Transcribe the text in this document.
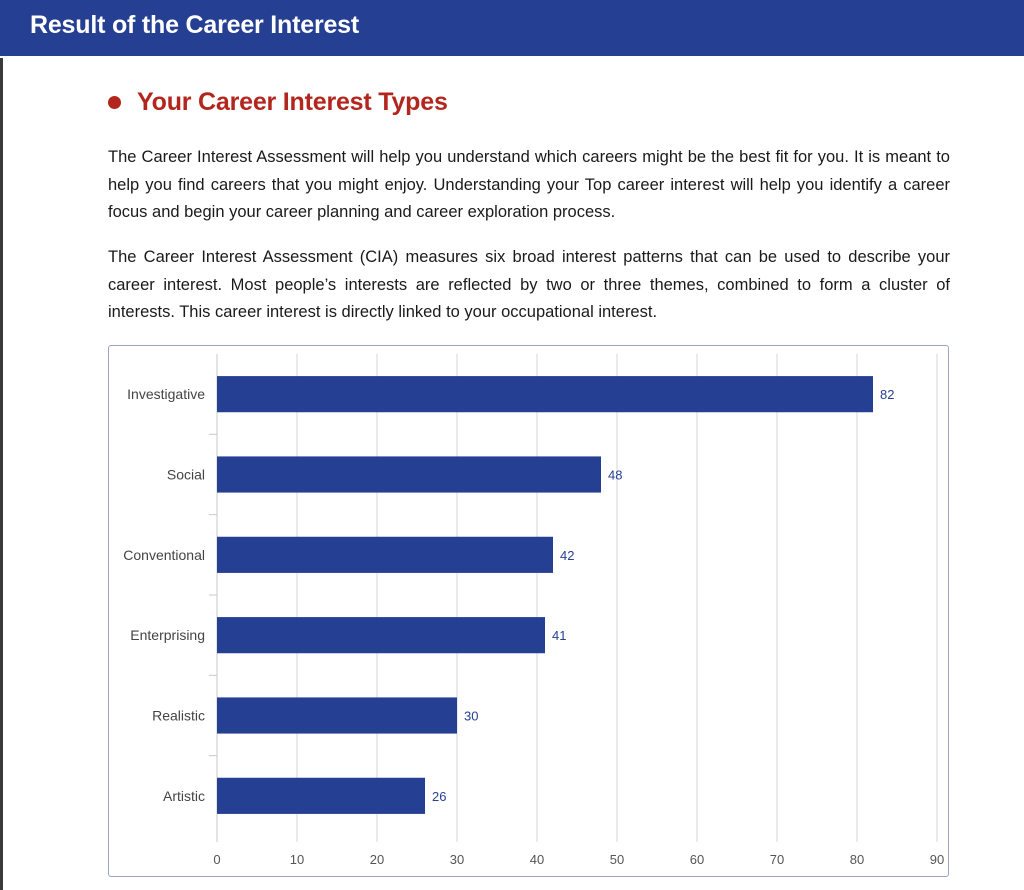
Result of the Career Interest
Your Career Interest Types

The Career Interest Assessment will help you understand which careers might be the best fit for you. It is meant to help you find careers that you might enjoy. Understanding your Top career interest will help you identify a career focus and begin your career planning and career exploration process.

The Career Interest Assessment (CIA) measures six broad interest patterns that can be used to describe your career interest. Most people’s interests are reflected by two or three themes, combined to form a cluster of interests. This career interest is directly linked to your occupational interest.

0	10	20	30	40	50	60	70	80	90
Investigative	82
Social	48
Conventional	42
Enterprising	41
Realistic	30
Artistic	26
